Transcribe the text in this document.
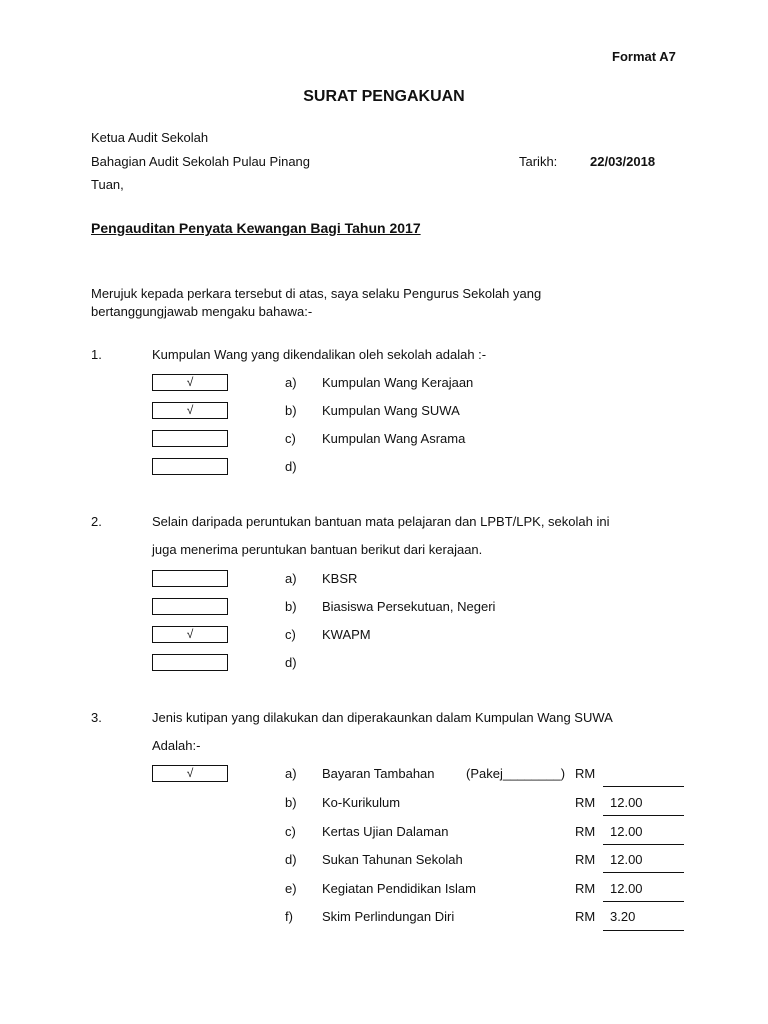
Format A7
SURAT PENGAKUAN
Ketua Audit Sekolah
Bahagian Audit Sekolah Pulau Pinang
Tuan,
Tarikh:	22/03/2018
Pengauditan Penyata Kewangan Bagi Tahun 2017
Merujuk kepada perkara tersebut di atas, saya selaku Pengurus Sekolah yang
bertanggungjawab mengaku bahawa:-
1.	Kumpulan Wang yang dikendalikan oleh sekolah adalah :-
√	a) Kumpulan Wang Kerajaan
√	b) Kumpulan Wang SUWA
c) Kumpulan Wang Asrama
d)
2.	Selain daripada peruntukan bantuan mata pelajaran dan LPBT/LPK, sekolah ini
juga menerima peruntukan bantuan berikut dari kerajaan.
a) KBSR
b) Biasiswa Persekutuan, Negeri
√	c) KWAPM
d)
3.	Jenis kutipan yang dilakukan dan diperakaunkan dalam Kumpulan Wang SUWA
Adalah:-
√	a) Bayaran Tambahan (Pakej________) RM
b) Ko-Kurikulum	RM 12.00
c) Kertas Ujian Dalaman	RM 12.00
d) Sukan Tahunan Sekolah	RM 12.00
e) Kegiatan Pendidikan Islam	RM 12.00
f) Skim Perlindungan Diri	RM 3.20
